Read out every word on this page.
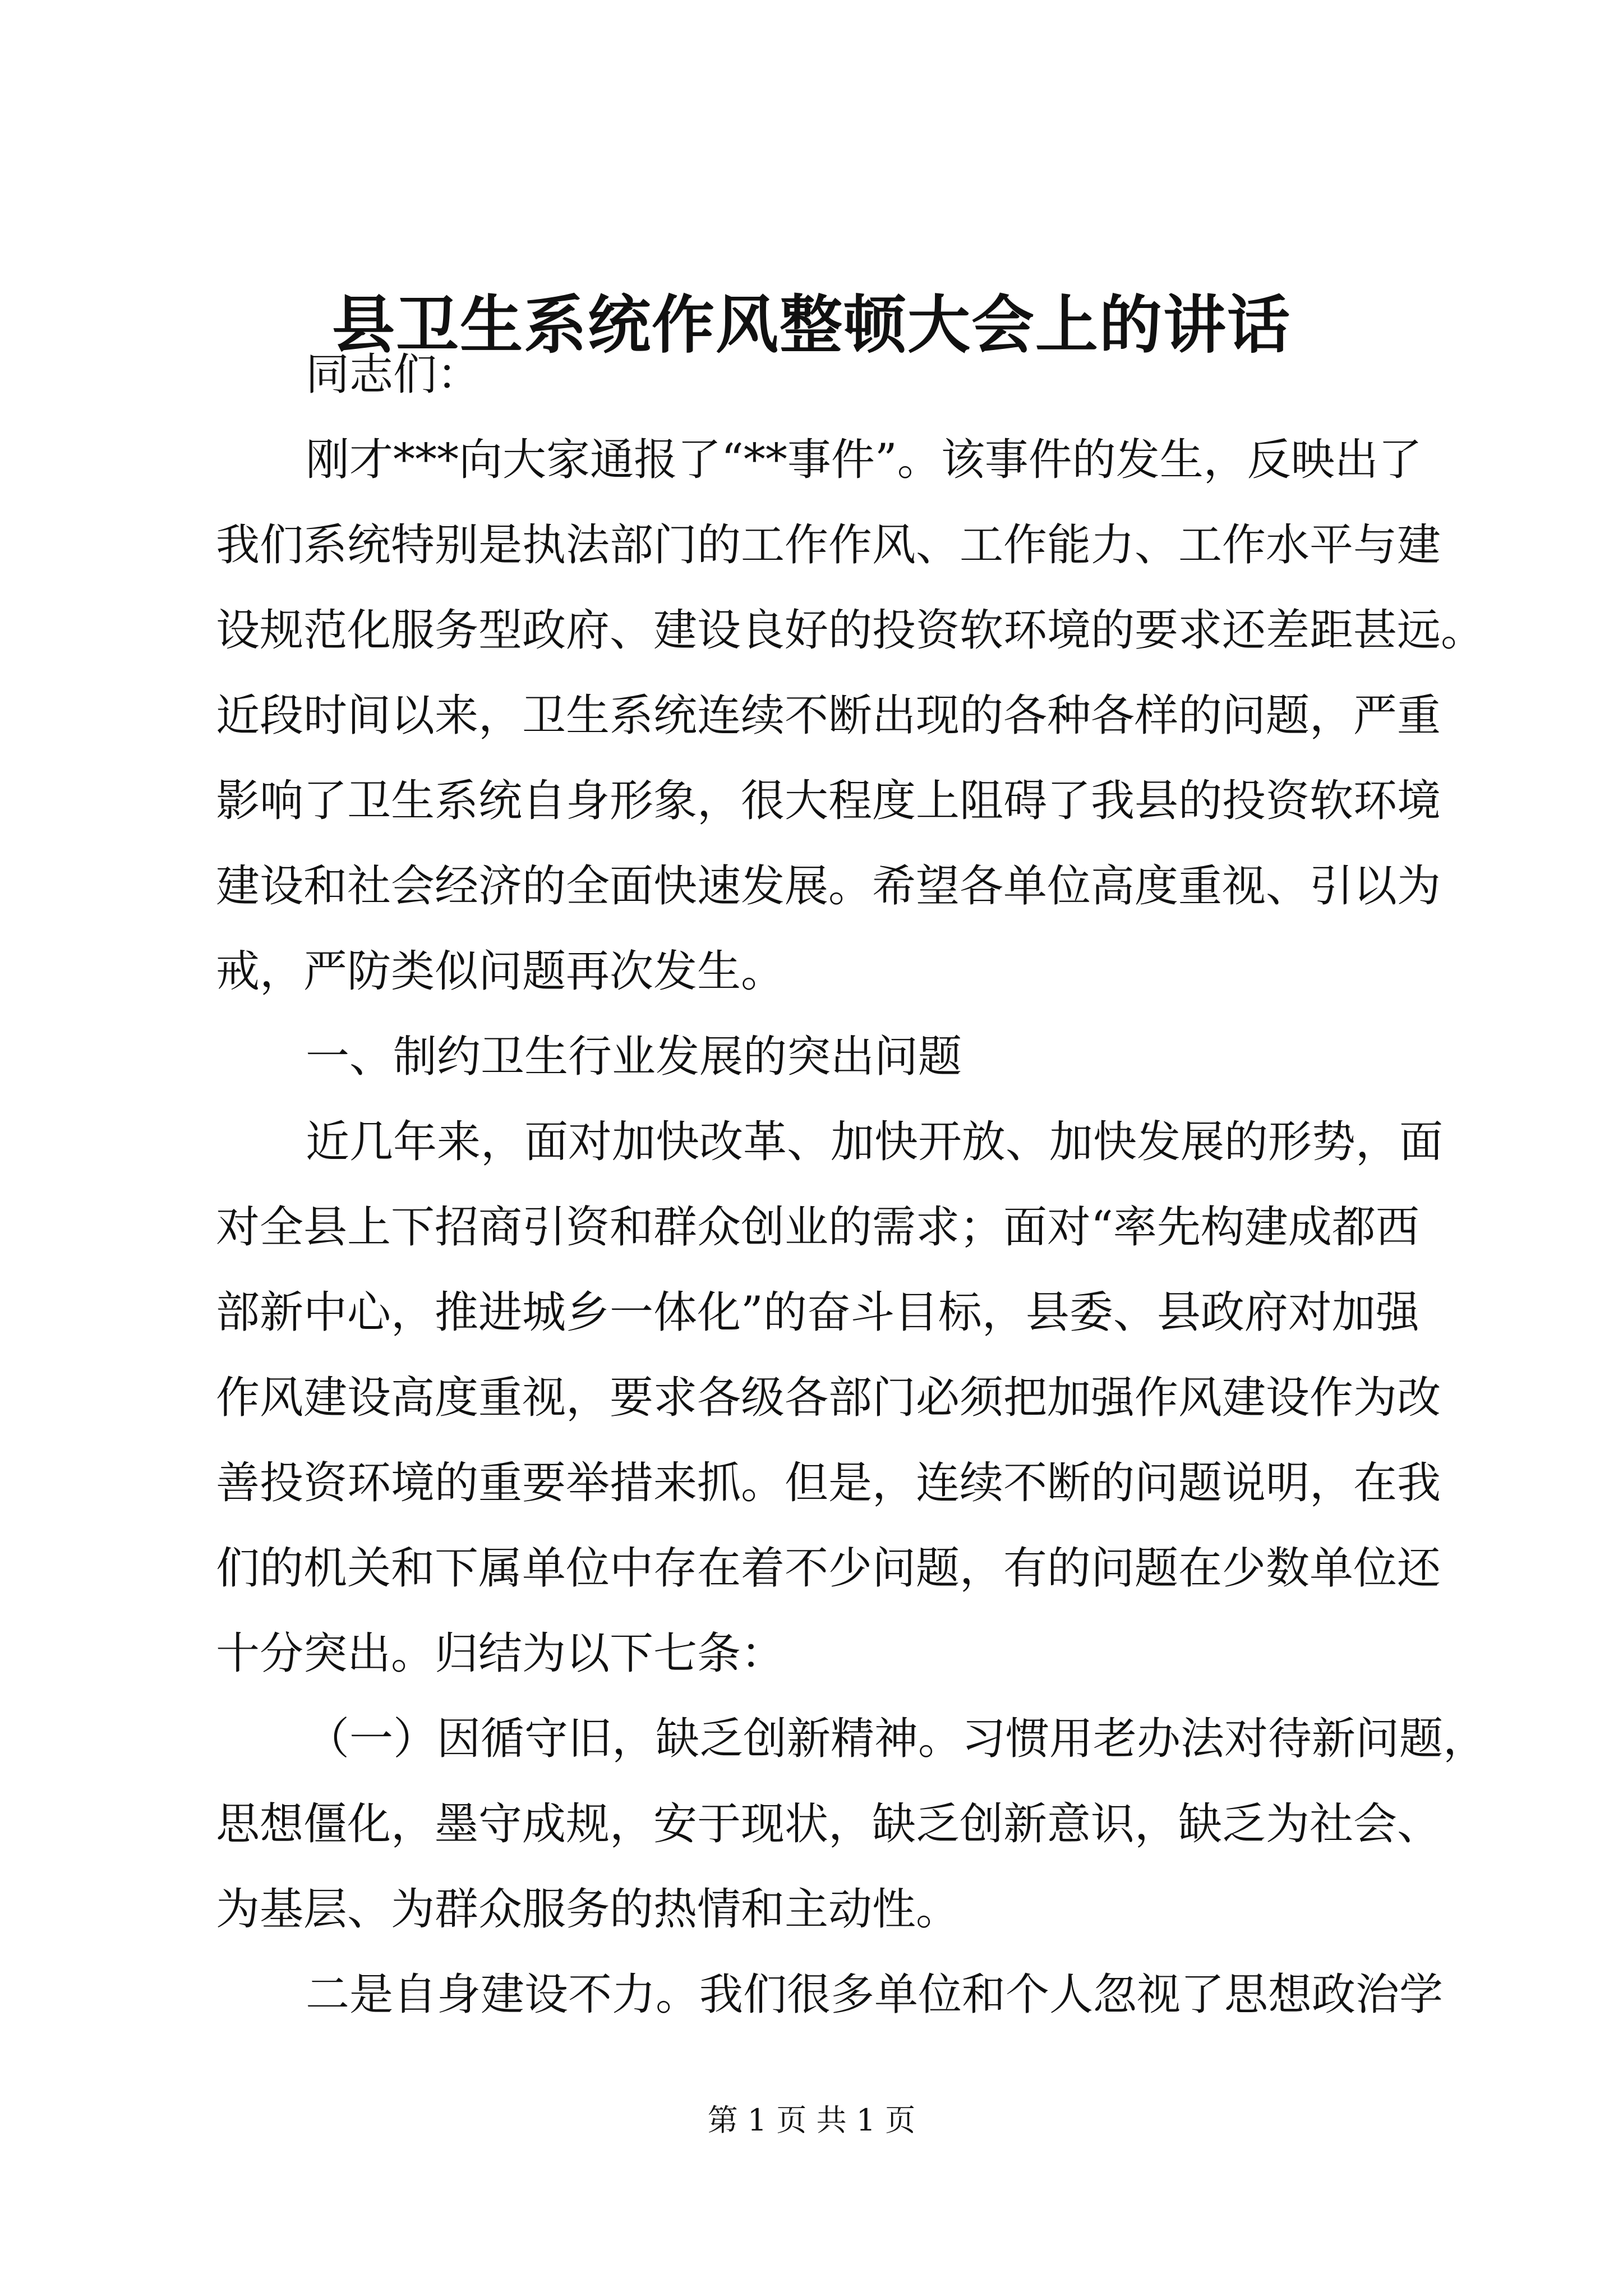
县卫生系统作风整顿大会上的讲话
同志们：
刚才***向大家通报了“**事件”。该事件的发生，反映出了
我们系统特别是执法部门的工作作风、工作能力、工作水平与建
设规范化服务型政府、建设良好的投资软环境的要求还差距甚远。
近段时间以来，卫生系统连续不断出现的各种各样的问题，严重
影响了卫生系统自身形象，很大程度上阻碍了我县的投资软环境
建设和社会经济的全面快速发展。希望各单位高度重视、引以为
戒，严防类似问题再次发生。
一、制约卫生行业发展的突出问题
近几年来，面对加快改革、加快开放、加快发展的形势，面
对全县上下招商引资和群众创业的需求；面对“率先构建成都西
部新中心，推进城乡一体化”的奋斗目标，县委、县政府对加强
作风建设高度重视，要求各级各部门必须把加强作风建设作为改
善投资环境的重要举措来抓。但是，连续不断的问题说明，在我
们的机关和下属单位中存在着不少问题，有的问题在少数单位还
十分突出。归结为以下七条：
（一）因循守旧，缺乏创新精神。习惯用老办法对待新问题，
思想僵化，墨守成规，安于现状，缺乏创新意识，缺乏为社会、
为基层、为群众服务的热情和主动性。
二是自身建设不力。我们很多单位和个人忽视了思想政治学
第 1 页 共 1 页
